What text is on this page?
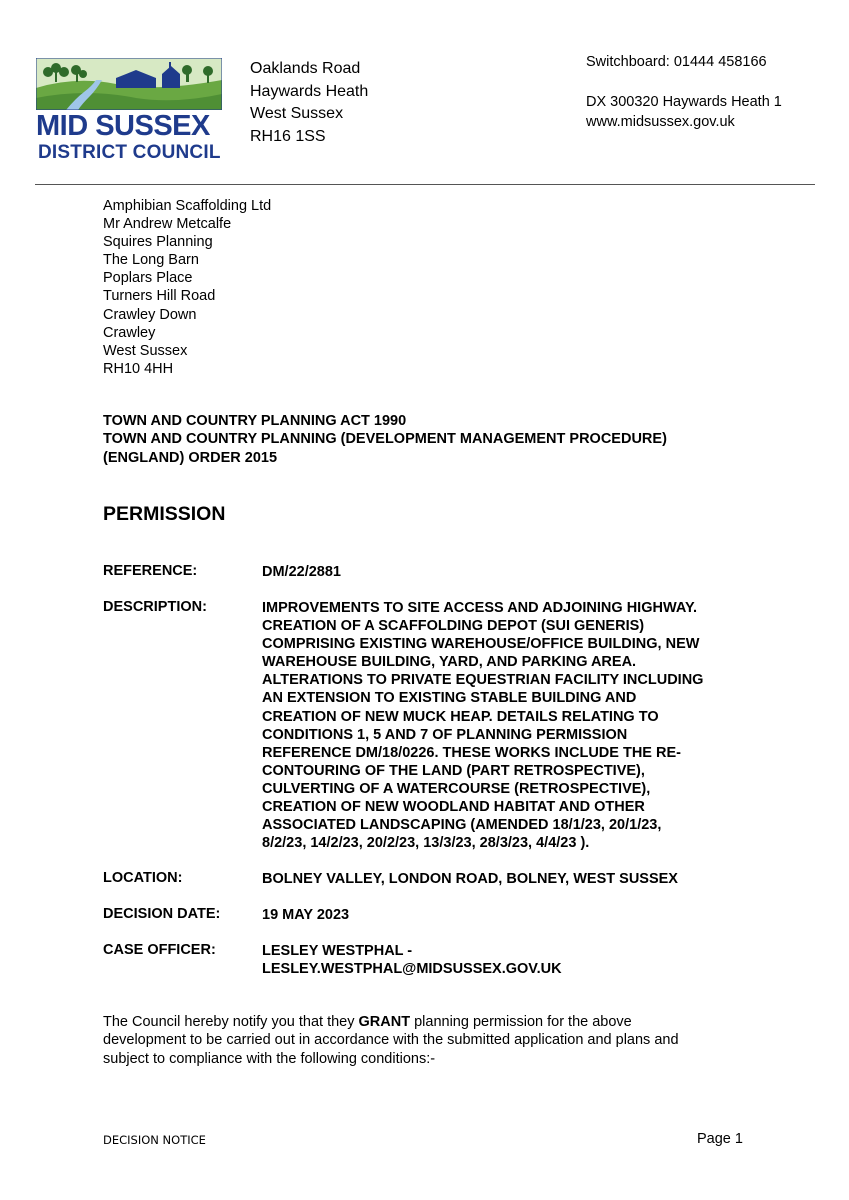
MID SUSSEX
DISTRICT COUNCIL
Oaklands Road
Haywards Heath
West Sussex
RH16 1SS
Switchboard: 01444 458166
DX 300320 Haywards Heath 1
www.midsussex.gov.uk
Amphibian Scaffolding Ltd
Mr Andrew Metcalfe
Squires Planning
The Long Barn
Poplars Place
Turners Hill Road
Crawley Down
Crawley
West Sussex
RH10 4HH
TOWN AND COUNTRY PLANNING ACT 1990
TOWN AND COUNTRY PLANNING (DEVELOPMENT MANAGEMENT PROCEDURE)
(ENGLAND) ORDER 2015
PERMISSION
REFERENCE:	DM/22/2881
DESCRIPTION:	IMPROVEMENTS TO SITE ACCESS AND ADJOINING HIGHWAY.
CREATION OF A SCAFFOLDING DEPOT (SUI GENERIS)
COMPRISING EXISTING WAREHOUSE/OFFICE BUILDING, NEW
WAREHOUSE BUILDING, YARD, AND PARKING AREA.
ALTERATIONS TO PRIVATE EQUESTRIAN FACILITY INCLUDING
AN EXTENSION TO EXISTING STABLE BUILDING AND
CREATION OF NEW MUCK HEAP. DETAILS RELATING TO
CONDITIONS 1, 5 AND 7 OF PLANNING PERMISSION
REFERENCE DM/18/0226. THESE WORKS INCLUDE THE RE-
CONTOURING OF THE LAND (PART RETROSPECTIVE),
CULVERTING OF A WATERCOURSE (RETROSPECTIVE),
CREATION OF NEW WOODLAND HABITAT AND OTHER
ASSOCIATED LANDSCAPING (AMENDED 18/1/23, 20/1/23,
8/2/23, 14/2/23, 20/2/23, 13/3/23, 28/3/23, 4/4/23 ).
LOCATION:	BOLNEY VALLEY, LONDON ROAD, BOLNEY, WEST SUSSEX
DECISION DATE:	19 MAY 2023
CASE OFFICER:	LESLEY WESTPHAL -
LESLEY.WESTPHAL@MIDSUSSEX.GOV.UK
The Council hereby notify you that they GRANT planning permission for the above
development to be carried out in accordance with the submitted application and plans and
subject to compliance with the following conditions:-
DECISION NOTICE	Page 1
